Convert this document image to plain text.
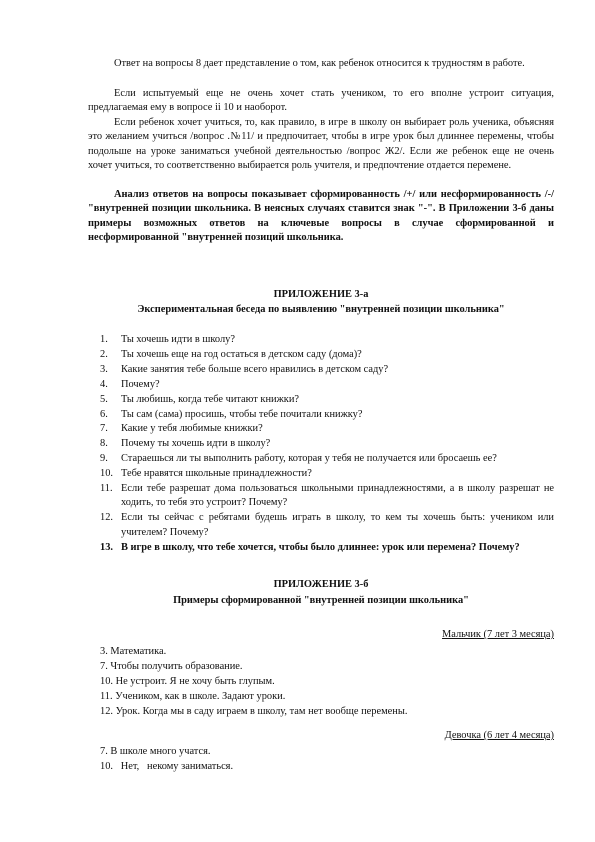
Ответ на вопросы 8 дает представление о том, как ребенок относится к трудностям в работе.

Если испытуемый еще не очень хочет стать учеником, то его вполне устроит ситуация, предлагаемая ему в вопросе ii 10 и наоборот.

Если ребенок хочет учиться, то, как правило, в игре в школу он выбирает роль ученика, объясняя это желанием учиться /вопрос .№11/ и предпочитает, чтобы в игре урок был длиннее перемены, чтобы подольше на уроке заниматься учебной деятельностью /вопрос Ж2/. Если же ребенок еще не очень хочет учиться, то соответственно выбирается роль учителя, и предпочтение отдается перемене.

Анализ ответов на вопросы показывает сформированность /+/ или несформированность /-/ "внутренней позиции школьника. В неясных случаях ставится знак "-". В Приложении 3-б даны примеры возможных ответов на ключевые вопросы в случае сформированной и несформированной "внутренней позиций школьника.

ПРИЛОЖЕНИЕ 3-а

Экспериментальная беседа по выявлению "внутренней позиции школьника"

1. Ты хочешь идти в школу?
2. Ты хочешь еще на год остаться в детском саду (дома)?
3. Какие занятия тебе больше всего нравились в детском саду?
4. Почему?
5. Ты любишь, когда тебе читают книжки?
6. Ты сам (сама) просишь, чтобы тебе почитали книжку?
7. Какие у тебя любимые книжки?
8. Почему ты хочешь идти в школу?
9. Стараешься ли ты выполнить работу, которая у тебя не получается или бросаешь ее?
10. Тебе нравятся школьные принадлежности?
11. Если тебе разрешат дома пользоваться школьными принадлежностями, а в школу разрешат не ходить, то тебя это устроит? Почему?
12. Если ты сейчас с ребятами будешь играть в школу, то кем ты хочешь быть: учеником или учителем? Почему?
13. В игре в школу, что тебе хочется, чтобы было длиннее: урок или перемена? Почему?

ПРИЛОЖЕНИЕ 3-б

Примеры сформированной "внутренней позиции школьника"

Мальчик (7 лет 3 месяца)

3. Математика.
7. Чтобы получить образование.
10. Не устроит. Я не хочу быть глупым.
11. Учеником, как в школе. Задают уроки.
12. Урок. Когда мы в саду играем в школу, там нет вообще перемены.

Девочка (6 лет 4 месяца)

7. В школе много учатся.
10.   Нет,   некому заниматься.
